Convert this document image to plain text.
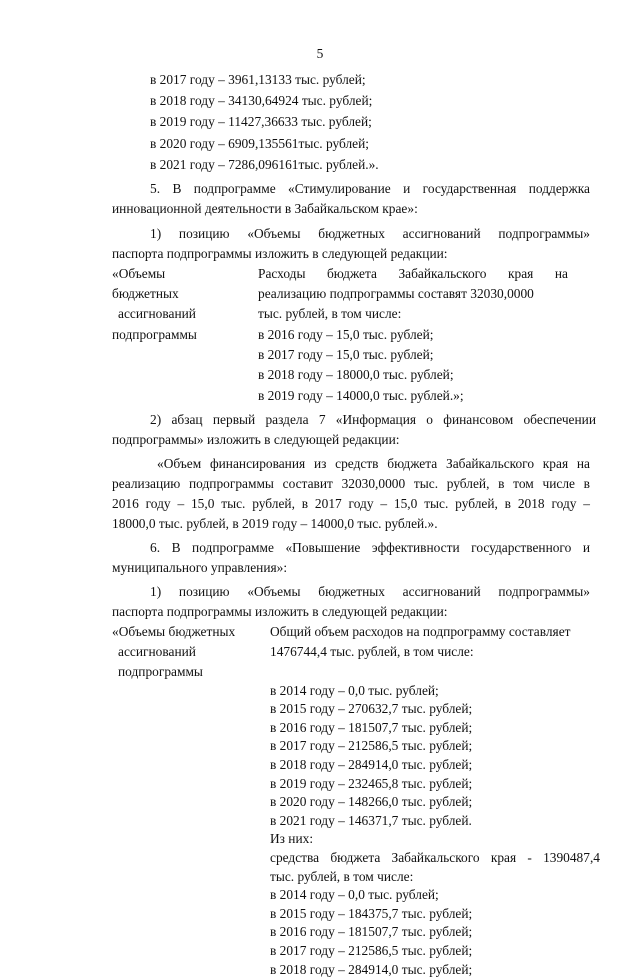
5
в 2017 году – 3961,13133 тыс. рублей;
в 2018 году – 34130,64924 тыс. рублей;
в 2019 году – 11427,36633 тыс. рублей;
в 2020 году – 6909,135561тыс. рублей;
в 2021 году – 7286,096161тыс. рублей.».
5. В подпрограмме «Стимулирование и государственная поддержка
инновационной деятельности в Забайкальском крае»:
1) позицию «Объемы бюджетных ассигнований подпрограммы»
паспорта подпрограммы изложить в следующей редакции:
«Объемы
бюджетных
ассигнований
подпрограммы
Расходы бюджета Забайкальского края на
реализацию подпрограммы составят 32030,0000
тыс. рублей, в том числе:
в 2016 году – 15,0 тыс. рублей;
в 2017 году – 15,0 тыс. рублей;
в 2018 году – 18000,0 тыс. рублей;
в 2019 году – 14000,0 тыс. рублей.»;
2) абзац первый раздела 7 «Информация о финансовом обеспечении
подпрограммы» изложить в следующей редакции:
«Объем финансирования из средств бюджета Забайкальского края на
реализацию подпрограммы составит 32030,0000 тыс. рублей, в том числе в
2016 году – 15,0 тыс. рублей, в 2017 году – 15,0 тыс. рублей, в 2018 году –
18000,0 тыс. рублей, в 2019 году – 14000,0 тыс. рублей.».
6. В подпрограмме «Повышение эффективности государственного и
муниципального управления»:
1) позицию «Объемы бюджетных ассигнований подпрограммы»
паспорта подпрограммы изложить в следующей редакции:
«Объемы бюджетных
ассигнований
подпрограммы
Общий объем расходов на подпрограмму составляет
1476744,4 тыс. рублей, в том числе:
в 2014 году – 0,0 тыс. рублей;
в 2015 году – 270632,7 тыс. рублей;
в 2016 году – 181507,7 тыс. рублей;
в 2017 году – 212586,5 тыс. рублей;
в 2018 году – 284914,0 тыс. рублей;
в 2019 году – 232465,8 тыс. рублей;
в 2020 году – 148266,0 тыс. рублей;
в 2021 году – 146371,7 тыс. рублей.
Из них:
средства бюджета Забайкальского края - 1390487,4
тыс. рублей, в том числе:
в 2014 году – 0,0 тыс. рублей;
в 2015 году – 184375,7 тыс. рублей;
в 2016 году – 181507,7 тыс. рублей;
в 2017 году – 212586,5 тыс. рублей;
в 2018 году – 284914,0 тыс. рублей;
